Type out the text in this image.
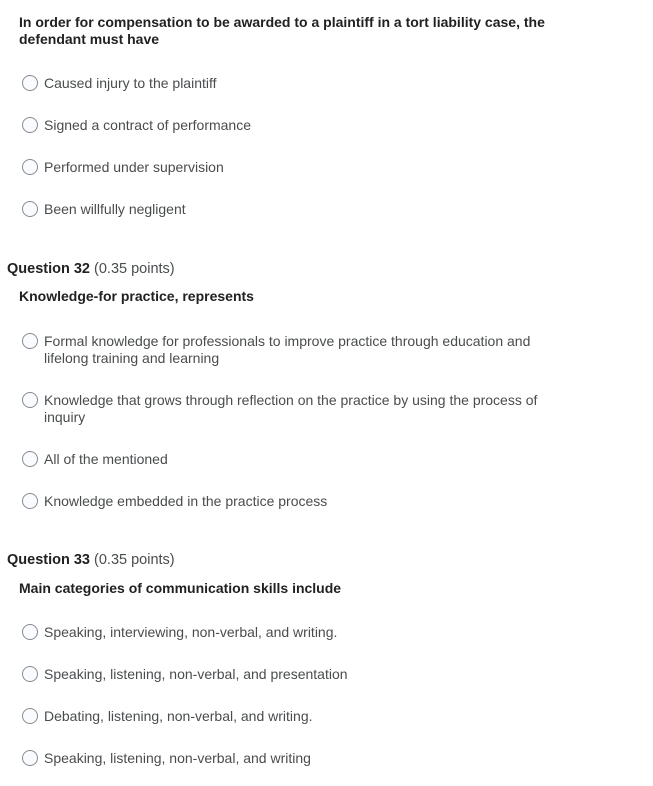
In order for compensation to be awarded to a plaintiff in a tort liability case, the defendant must have
Caused injury to the plaintiff
Signed a contract of performance
Performed under supervision
Been willfully negligent
Question 32 (0.35 points)
Knowledge-for practice, represents
Formal knowledge for professionals to improve practice through education and lifelong training and learning
Knowledge that grows through reflection on the practice by using the process of inquiry
All of the mentioned
Knowledge embedded in the practice process
Question 33 (0.35 points)
Main categories of communication skills include
Speaking, interviewing, non-verbal, and writing.
Speaking, listening, non-verbal, and presentation
Debating, listening, non-verbal, and writing.
Speaking, listening, non-verbal, and writing
